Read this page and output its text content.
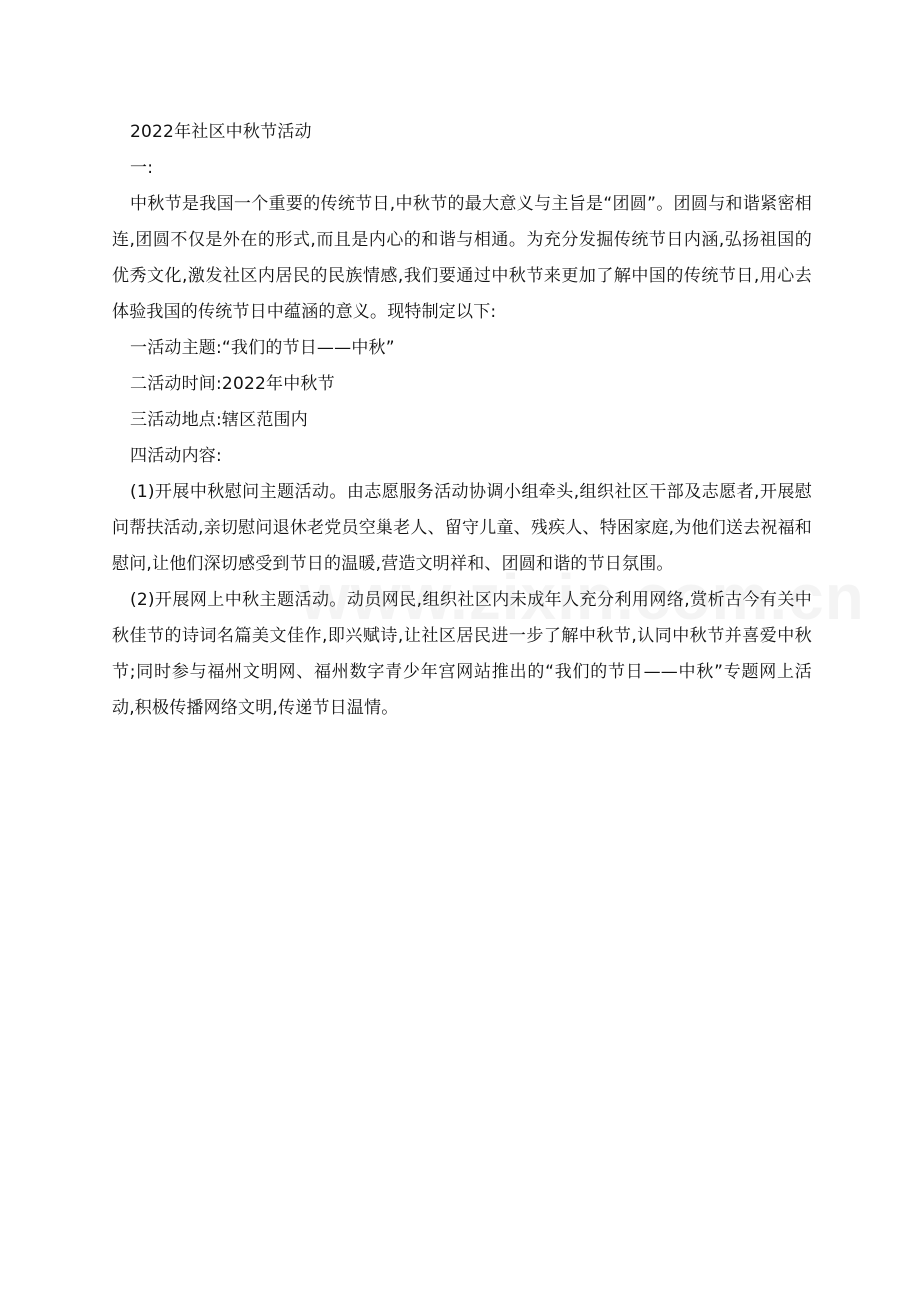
2022年社区中秋节活动

一:

中秋节是我国一个重要的传统节日,中秋节的最大意义与主旨是“团圆”。团圆与和谐紧密相连,团圆不仅是外在的形式,而且是内心的和谐与相通。为充分发掘传统节日内涵,弘扬祖国的优秀文化,激发社区内居民的民族情感,我们要通过中秋节来更加了解中国的传统节日,用心去体验我国的传统节日中蕴涵的意义。现特制定以下:

一活动主题:“我们的节日——中秋”

二活动时间:2022年中秋节

三活动地点:辖区范围内

四活动内容:

(1)开展中秋慰问主题活动。由志愿服务活动协调小组牵头,组织社区干部及志愿者,开展慰问帮扶活动,亲切慰问退休老党员空巢老人、留守儿童、残疾人、特困家庭,为他们送去祝福和慰问,让他们深切感受到节日的温暖,营造文明祥和、团圆和谐的节日氛围。

(2)开展网上中秋主题活动。动员网民,组织社区内未成年人充分利用网络,赏析古今有关中秋佳节的诗词名篇美文佳作,即兴赋诗,让社区居民进一步了解中秋节,认同中秋节并喜爱中秋节;同时参与福州文明网、福州数字青少年宫网站推出的“我们的节日——中秋”专题网上活动,积极传播网络文明,传递节日温情。
